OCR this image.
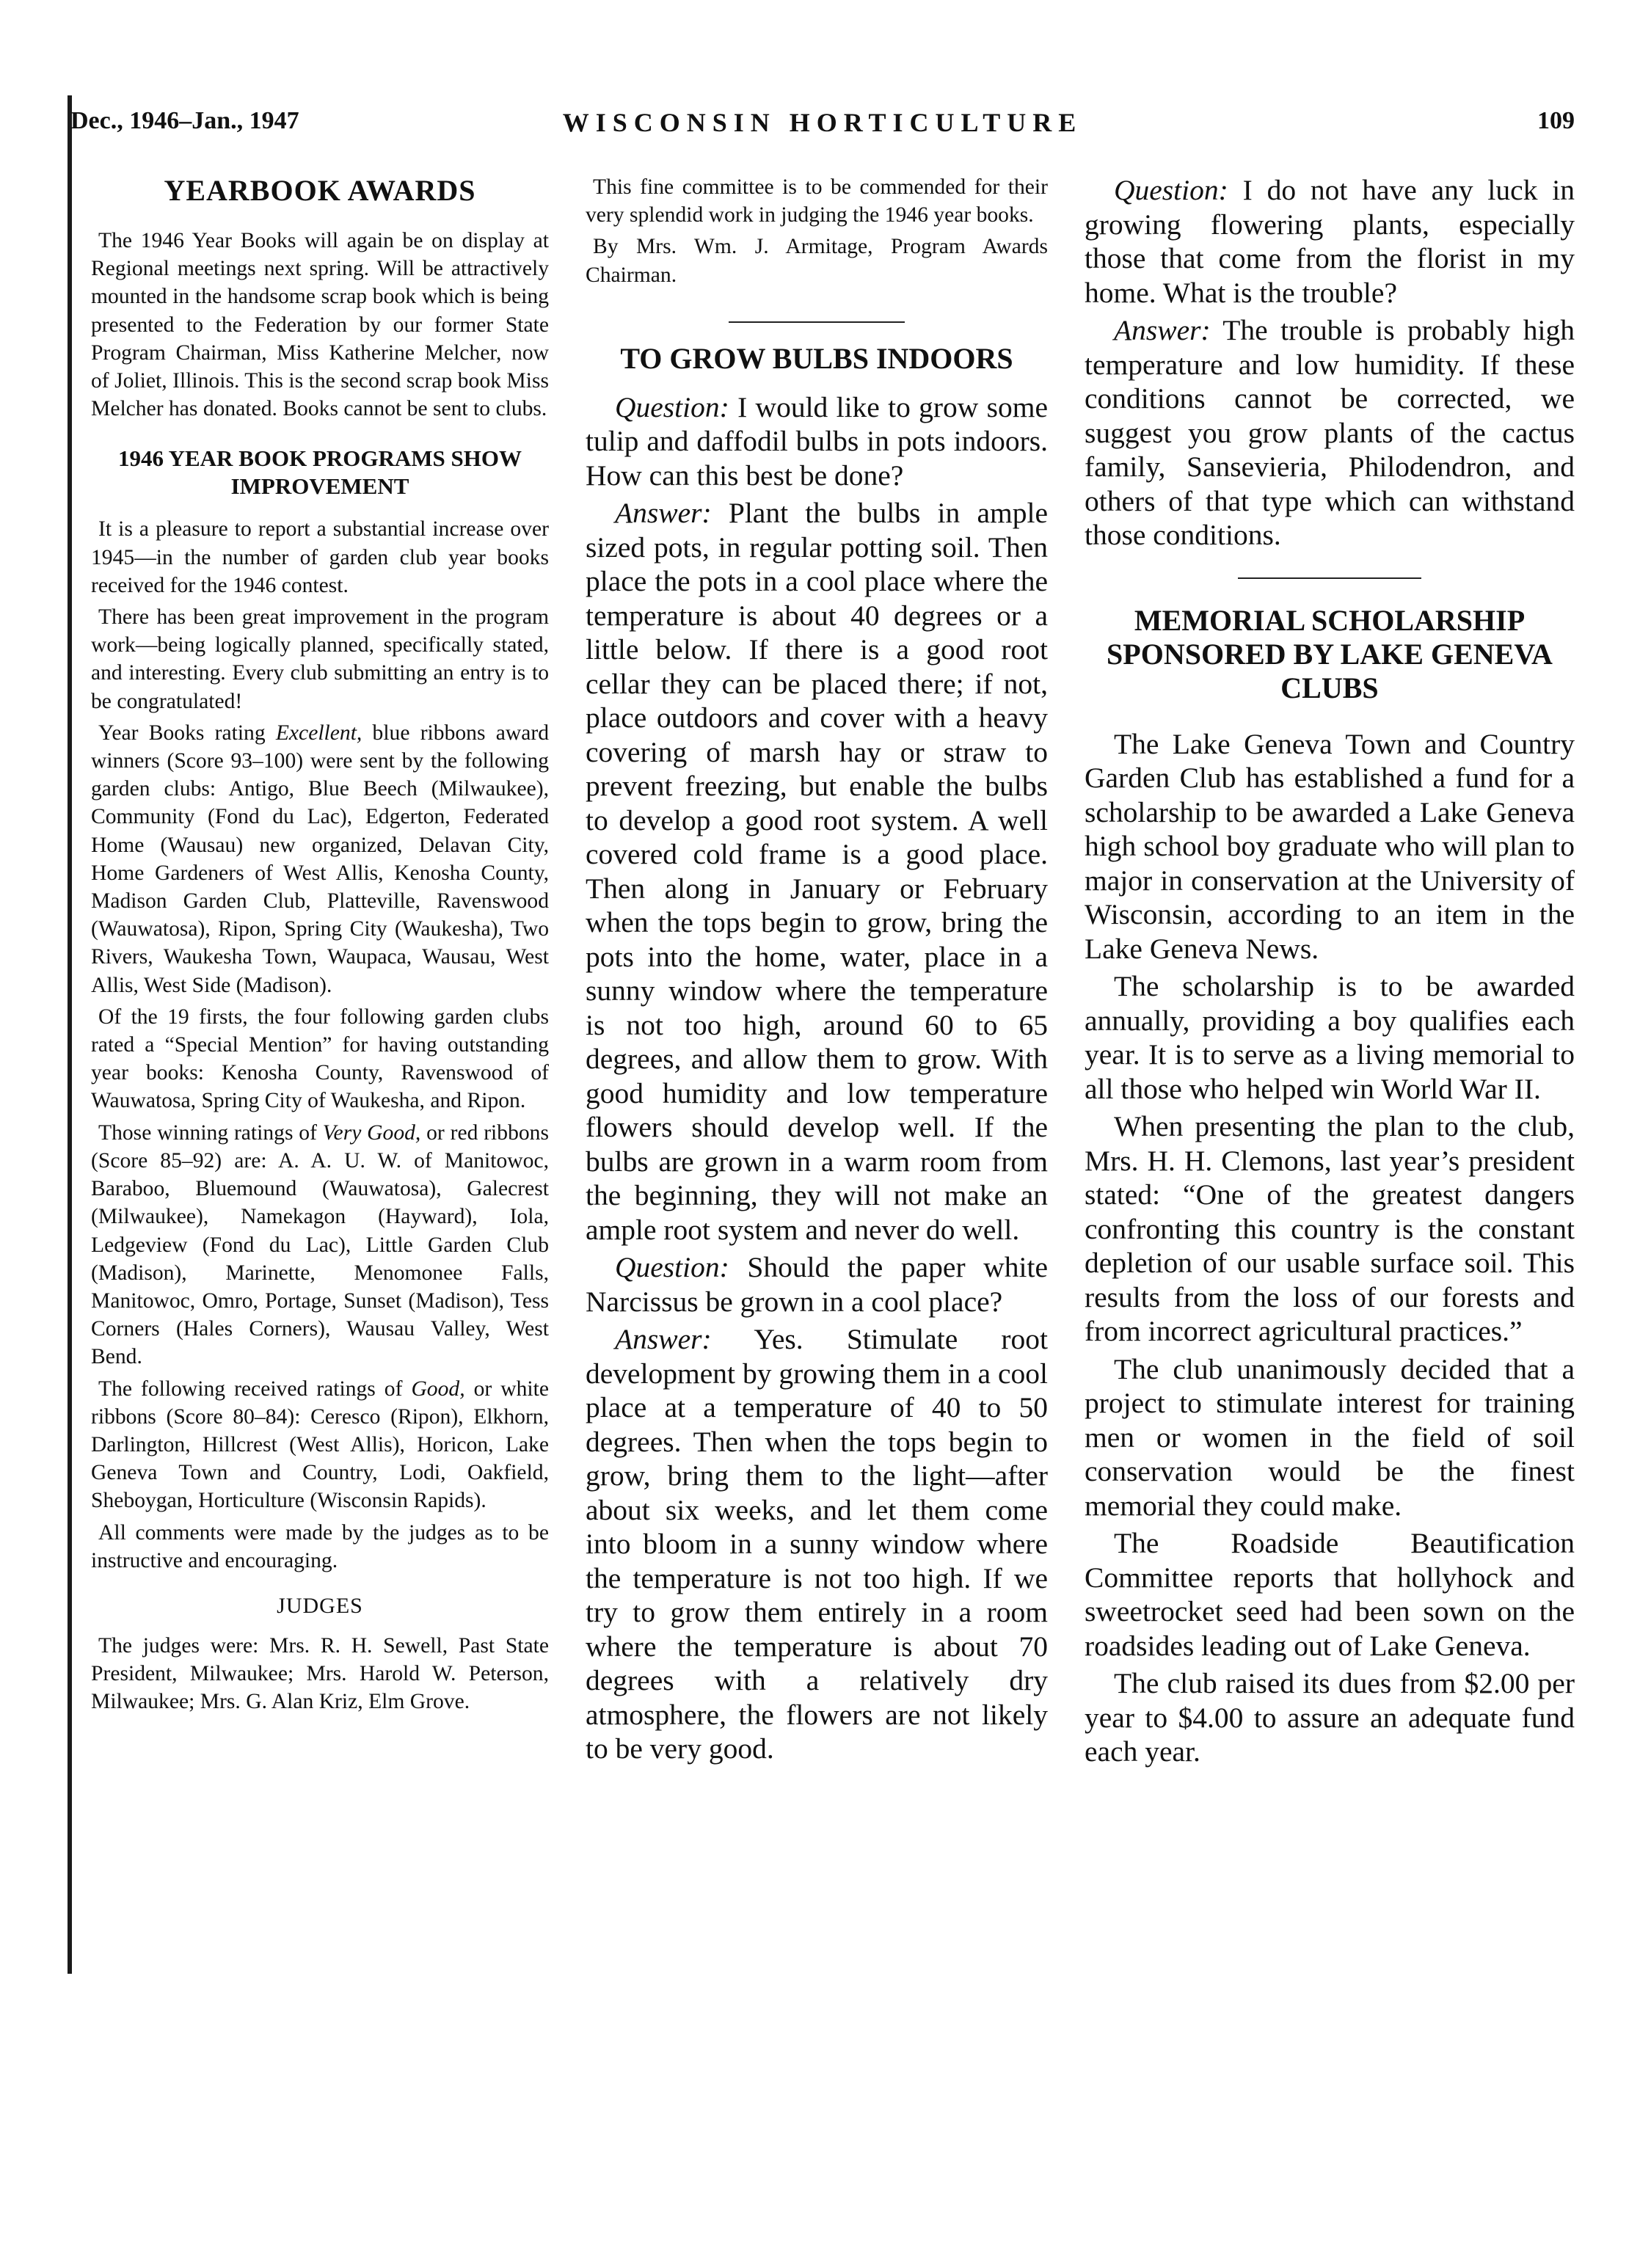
WISCONSIN HORTICULTURE
Dec., 1946–Jan., 1947	109
YEARBOOK AWARDS

The 1946 Year Books will again be on display at Regional meetings next spring. Will be attractively mounted in the handsome scrap book which is being presented to the Federation by our former State Program Chairman, Miss Katherine Melcher, now of Joliet, Illinois. This is the second scrap book Miss Melcher has donated. Books cannot be sent to clubs.

1946 YEAR BOOK PROGRAMS SHOW IMPROVEMENT

It is a pleasure to report a substantial increase over 1945—in the number of garden club year books received for the 1946 contest.

There has been great improvement in the program work—being logically planned, specifically stated, and interesting. Every club submitting an entry is to be congratulated!

Year Books rating Excellent, blue ribbons award winners (Score 93–100) were sent by the following garden clubs: Antigo, Blue Beech (Milwaukee), Community (Fond du Lac), Edgerton, Federated Home (Wausau) new organized, Delavan City, Home Gardeners of West Allis, Kenosha County, Madison Garden Club, Platteville, Ravenswood (Wauwatosa), Ripon, Spring City (Waukesha), Two Rivers, Waukesha Town, Waupaca, Wausau, West Allis, West Side (Madison).

Of the 19 firsts, the four following garden clubs rated a “Special Mention” for having outstanding year books: Kenosha County, Ravenswood of Wauwatosa, Spring City of Waukesha, and Ripon.

Those winning ratings of Very Good, or red ribbons (Score 85–92) are: A. A. U. W. of Manitowoc, Baraboo, Bluemound (Wauwatosa), Galecrest (Milwaukee), Namekagon (Hayward), Iola, Ledgeview (Fond du Lac), Little Garden Club (Madison), Marinette, Menomonee Falls, Manitowoc, Omro, Portage, Sunset (Madison), Tess Corners (Hales Corners), Wausau Valley, West Bend.

The following received ratings of Good, or white ribbons (Score 80–84): Ceresco (Ripon), Elkhorn, Darlington, Hillcrest (West Allis), Horicon, Lake Geneva Town and Country, Lodi, Oakfield, Sheboygan, Horticulture (Wisconsin Rapids).

All comments were made by the judges as to be instructive and encouraging.

JUDGES

The judges were: Mrs. R. H. Sewell, Past State President, Milwaukee; Mrs. Harold W. Peterson, Milwaukee; Mrs. G. Alan Kriz, Elm Grove.

This fine committee is to be commended for their very splendid work in judging the 1946 year books.

By Mrs. Wm. J. Armitage, Program Awards Chairman.

TO GROW BULBS INDOORS

Question: I would like to grow some tulip and daffodil bulbs in pots indoors. How can this best be done?

Answer: Plant the bulbs in ample sized pots, in regular potting soil. Then place the pots in a cool place where the temperature is about 40 degrees or a little below. If there is a good root cellar they can be placed there; if not, place outdoors and cover with a heavy covering of marsh hay or straw to prevent freezing, but enable the bulbs to develop a good root system. A well covered cold frame is a good place. Then along in January or February when the tops begin to grow, bring the pots into the home, water, place in a sunny window where the temperature is not too high, around 60 to 65 degrees, and allow them to grow. With good humidity and low temperature flowers should develop well. If the bulbs are grown in a warm room from the beginning, they will not make an ample root system and never do well.

Question: Should the paper white Narcissus be grown in a cool place?

Answer: Yes. Stimulate root development by growing them in a cool place at a temperature of 40 to 50 degrees. Then when the tops begin to grow, bring them to the light—after about six weeks, and let them come into bloom in a sunny window where the temperature is not too high. If we try to grow them entirely in a room where the temperature is about 70 degrees with a relatively dry atmosphere, the flowers are not likely to be very good.

Question: I do not have any luck in growing flowering plants, especially those that come from the florist in my home. What is the trouble?

Answer: The trouble is probably high temperature and low humidity. If these conditions cannot be corrected, we suggest you grow plants of the cactus family, Sansevieria, Philodendron, and others of that type which can withstand those conditions.

MEMORIAL SCHOLARSHIP SPONSORED BY LAKE GENEVA CLUBS

The Lake Geneva Town and Country Garden Club has established a fund for a scholarship to be awarded a Lake Geneva high school boy graduate who will plan to major in conservation at the University of Wisconsin, according to an item in the Lake Geneva News.

The scholarship is to be awarded annually, providing a boy qualifies each year. It is to serve as a living memorial to all those who helped win World War II.

When presenting the plan to the club, Mrs. H. H. Clemons, last year’s president stated: “One of the greatest dangers confronting this country is the constant depletion of our usable surface soil. This results from the loss of our forests and from incorrect agricultural practices.”

The club unanimously decided that a project to stimulate interest for training men or women in the field of soil conservation would be the finest memorial they could make.

The Roadside Beautification Committee reports that hollyhock and sweetrocket seed had been sown on the roadsides leading out of Lake Geneva.

The club raised its dues from $2.00 per year to $4.00 to assure an adequate fund each year.
